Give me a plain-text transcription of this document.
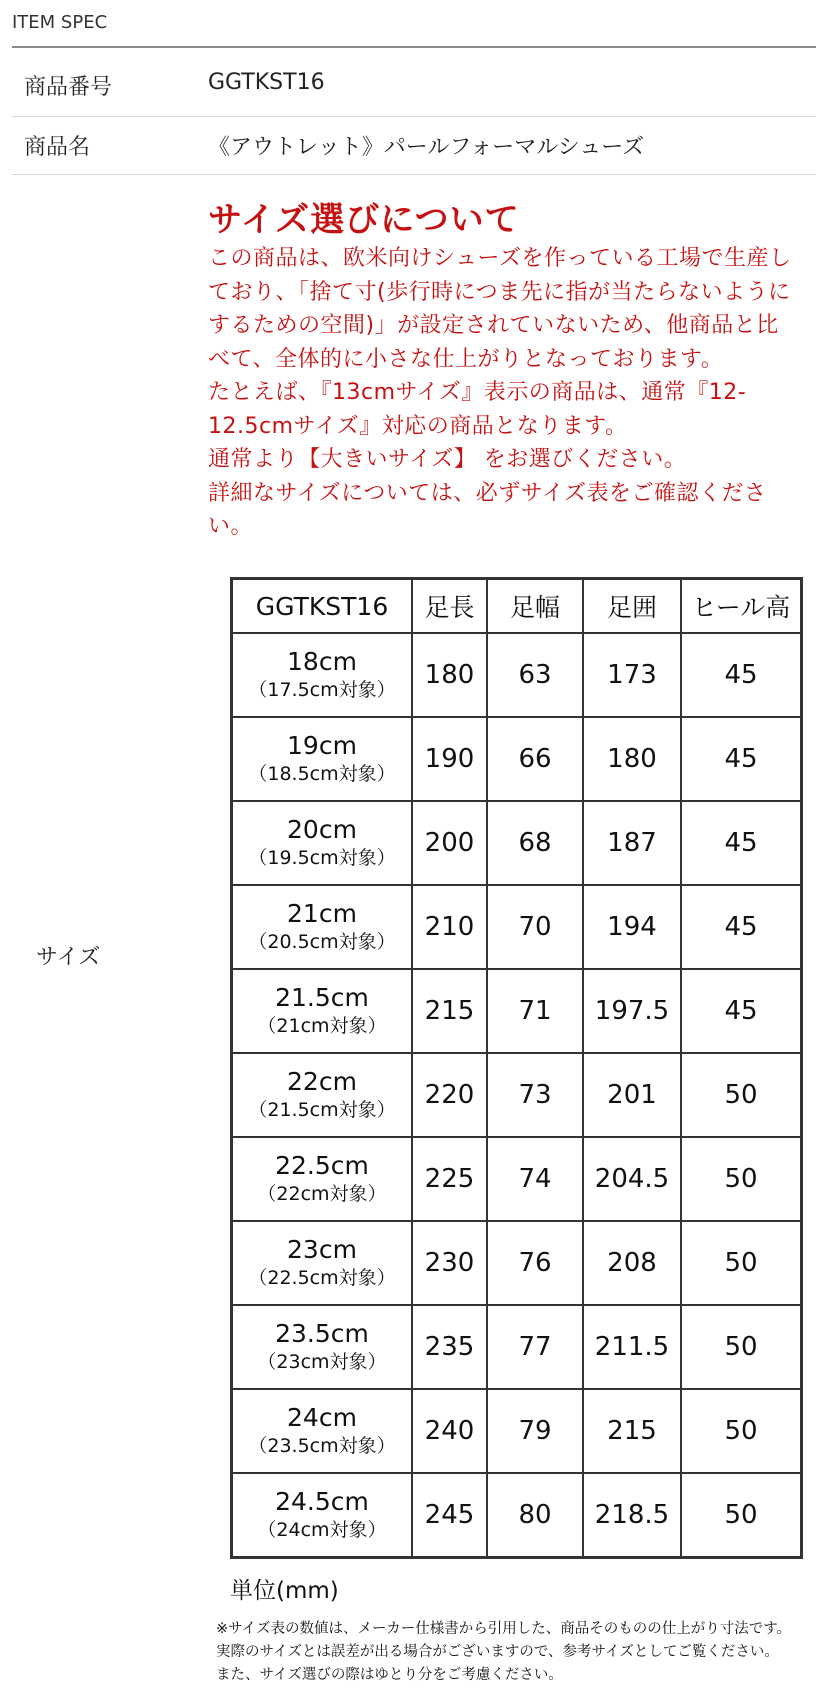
ITEM SPEC
商品番号	GGTKST16
商品名	《アウトレット》パールフォーマルシューズ
サイズ
サイズ選びについて
この商品は、欧米向けシューズを作っている工場で生産し
ており、「捨て寸(歩行時につま先に指が当たらないように
するための空間)」が設定されていないため、他商品と比
べて、全体的に小さな仕上がりとなっております。
たとえば、『13cmサイズ』表示の商品は、通常『12-
12.5cmサイズ』対応の商品となります。
通常より【大きいサイズ】 をお選びください。
詳細なサイズについては、必ずサイズ表をご確認くださ
い。
GGTKST16	足長	足幅	足囲	ヒール高

18cm
（17.5cm対象）	180	63	173	45

19cm
（18.5cm対象）	190	66	180	45

20cm
（19.5cm対象）	200	68	187	45

21cm
（20.5cm対象）	210	70	194	45

21.5cm
（21cm対象）	215	71	197.5	45

22cm
（21.5cm対象）	220	73	201	50

22.5cm
（22cm対象）	225	74	204.5	50

23cm
（22.5cm対象）	230	76	208	50

23.5cm
（23cm対象）	235	77	211.5	50

24cm
（23.5cm対象）	240	79	215	50

24.5cm
（24cm対象）	245	80	218.5	50
単位(mm)
※サイズ表の数値は、メーカー仕様書から引用した、商品そのものの仕上がり寸法です。
実際のサイズとは誤差が出る場合がございますので、参考サイズとしてご覧ください。
また、サイズ選びの際はゆとり分をご考慮ください。
